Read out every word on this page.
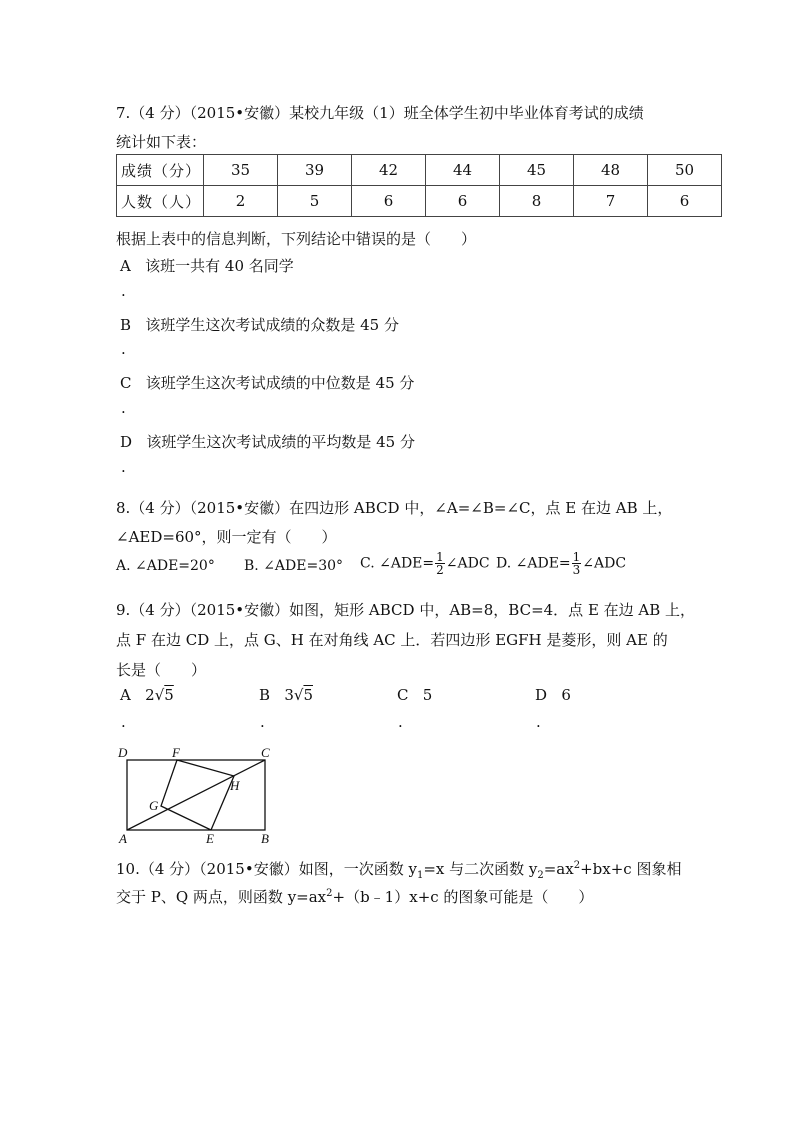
7.（4 分）（2015•安徽）某校九年级（1）班全体学生初中毕业体育考试的成绩
统计如下表：
成绩（分）	35	39	42	44	45	48	50
人数（人）	2	5	6	6	8	7	6
根据上表中的信息判断，下列结论中错误的是（　　）
A 该班一共有 40 名同学
.
B 该班学生这次考试成绩的众数是 45 分
.
C 该班学生这次考试成绩的中位数是 45 分
.
D 该班学生这次考试成绩的平均数是 45 分
.
8.（4 分）（2015•安徽）在四边形 ABCD 中，∠A=∠B=∠C，点 E 在边 AB 上，
∠AED=60°，则一定有（　　）
A. ∠ADE=20° B. ∠ADE=30° C. ∠ADE= $\frac{1}{2}$ ∠ADC D. ∠ADE= $\frac{1}{3}$ ∠ADC
9.（4 分）（2015•安徽）如图，矩形 ABCD 中，AB=8，BC=4．点 E 在边 AB 上，
点 F 在边 CD 上，点 G、H 在对角线 AC 上．若四边形 EGFH 是菱形，则 AE 的
长是（　　）
A 2√5
.
B 3√5
.
C 5
.
D 6
.
D	F	C
G
H
A	E	B
10.（4 分）（2015•安徽）如图，一次函数 $y_1=x$ 与二次函数 $y_2=ax^2+bx+c$ 图象相
交于 P、Q 两点，则函数 $y=ax^2+(b﹣1)x+c$ 的图象可能是（　　）
